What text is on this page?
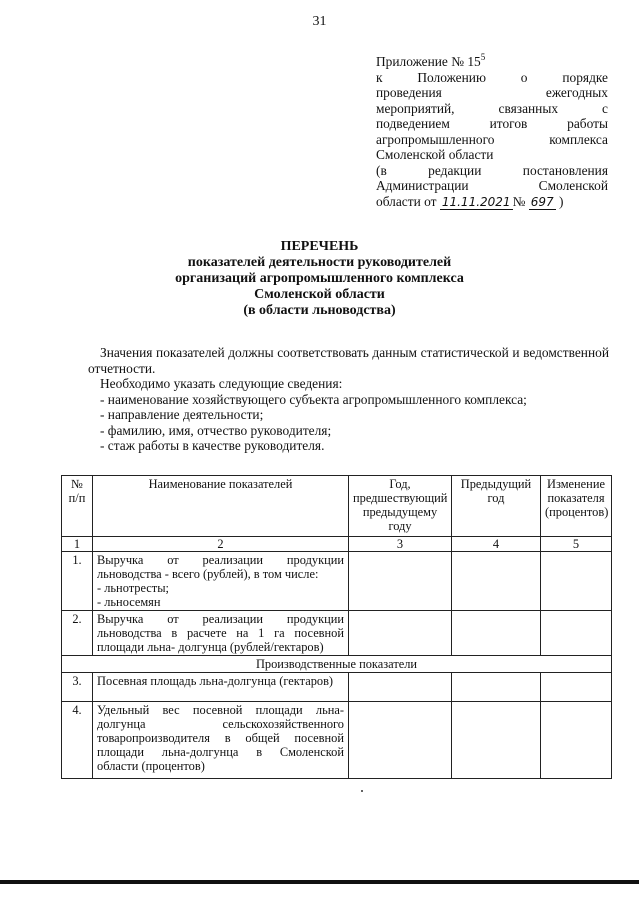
31
Приложение № $15^5$
к Положению о порядке
проведения ежегодных
мероприятий, связанных с
подведением итогов работы
агропромышленного комплекса
Смоленской области
(в редакции постановления
Администрации Смоленской
области от 11.11.2021 № 697 )
ПЕРЕЧЕНЬ
показателей деятельности руководителей
организаций агропромышленного комплекса
Смоленской области
(в области льноводства)

Значения показателей должны соответствовать данным статистической и ведомственной отчетности.

Необходимо указать следующие сведения:

- наименование хозяйствующего субъекта агропромышленного комплекса;

- направление деятельности;

- фамилию, имя, отчество руководителя;

- стаж работы в качестве руководителя.

№ п/п	Наименование показателей	Год, предшествующий предыдущему году	Предыдущий год	Изменение показателя (процентов)
1	2	3	4	5
1.	Выручка от реализации продукции льноводства - всего (рублей), в том числе:
- льнотресты;
- льносемян			

2.	Выручка от реализации продукции льноводства в расчете на 1 га посевной площади льна- долгунца (рублей/гектаров)			
Производственные показатели				
3.	Посевная площадь льна-долгунца (гектаров)			
4.	Удельный вес посевной площади льна-долгунца сельскохозяйственного товаропроизводителя в общей посевной площади льна-долгунца в Смоленской области (процентов)			
